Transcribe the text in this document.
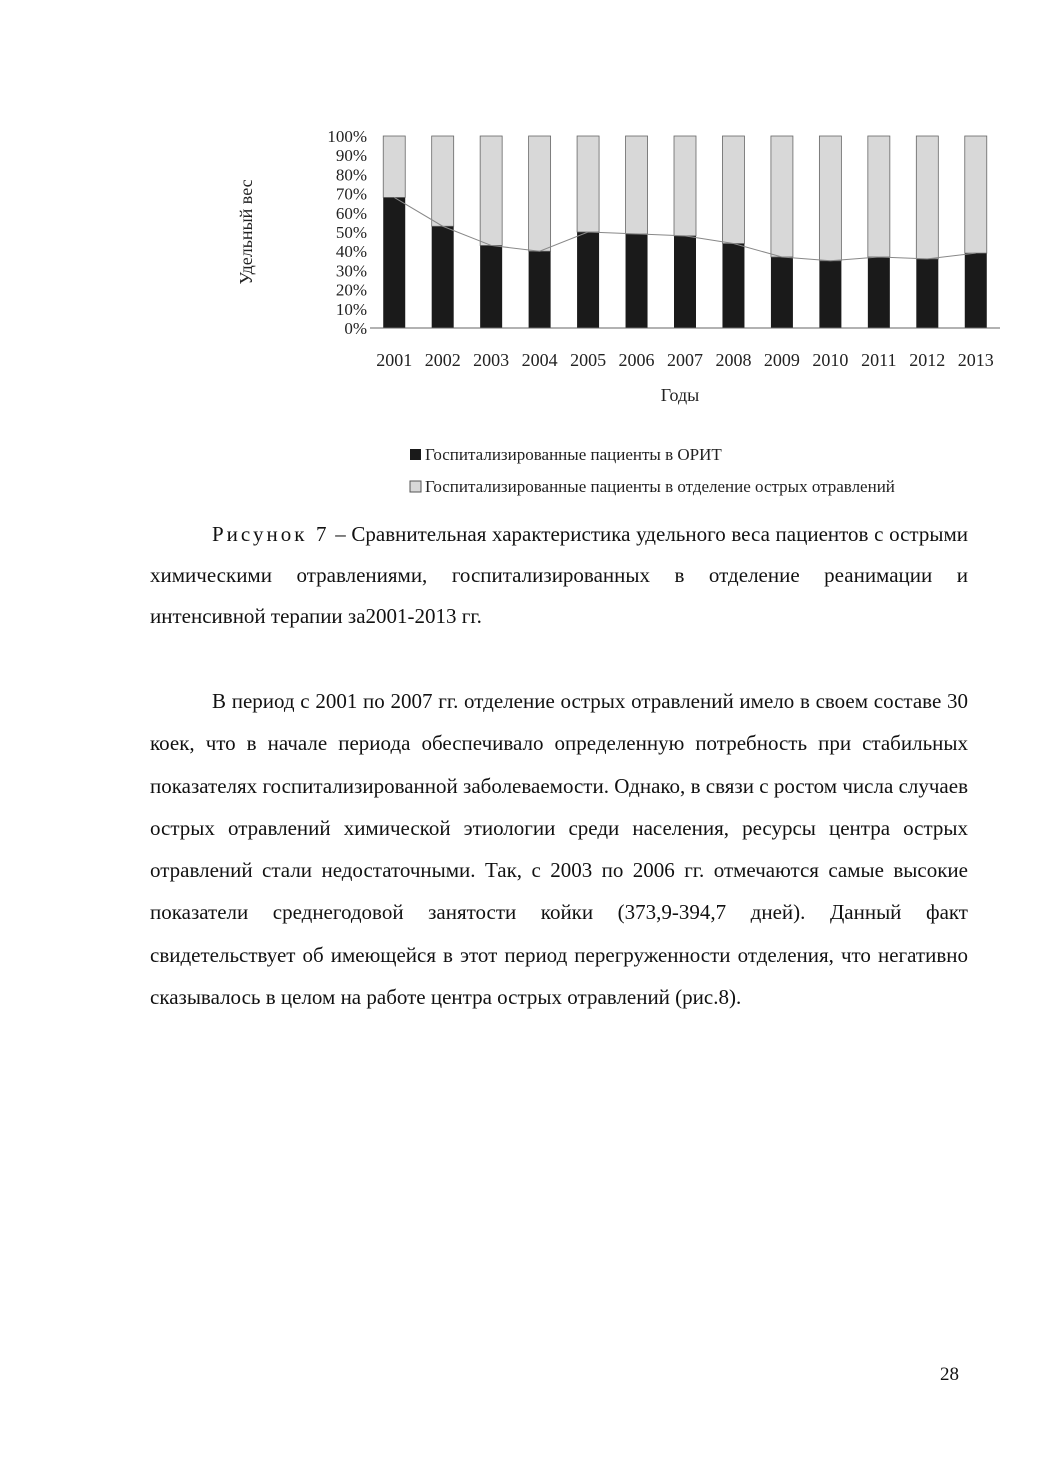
0%
10%
20%
30%
40%
50%
60%
70%
80%
90%
100%
2001 2002 2003 2004 2005 2006 2007 2008 2009 2010 2011 2012 2013
Удельный вес
Годы
Госпитализированные пациенты в ОРИТ
Госпитализированные пациенты в отделение острых отравлений
Рисунок 7 – Сравнительная характеристика удельного веса пациентов с острыми химическими отравлениями, госпитализированных в отделение реанимации и интенсивной терапии за2001-2013 гг.

В период с 2001 по 2007 гг. отделение острых отравлений имело в своем составе 30 коек, что в начале периода обеспечивало определенную потребность при стабильных показателях госпитализированной заболеваемости. Однако, в связи с ростом числа случаев острых отравлений химической этиологии среди населения, ресурсы центра острых отравлений стали недостаточными. Так, с 2003 по 2006 гг. отмечаются самые высокие показатели среднегодовой занятости койки (373,9-394,7 дней). Данный факт свидетельствует об имеющейся в этот период перегруженности отделения, что негативно сказывалось в целом на работе центра острых отравлений (рис.8).

28
